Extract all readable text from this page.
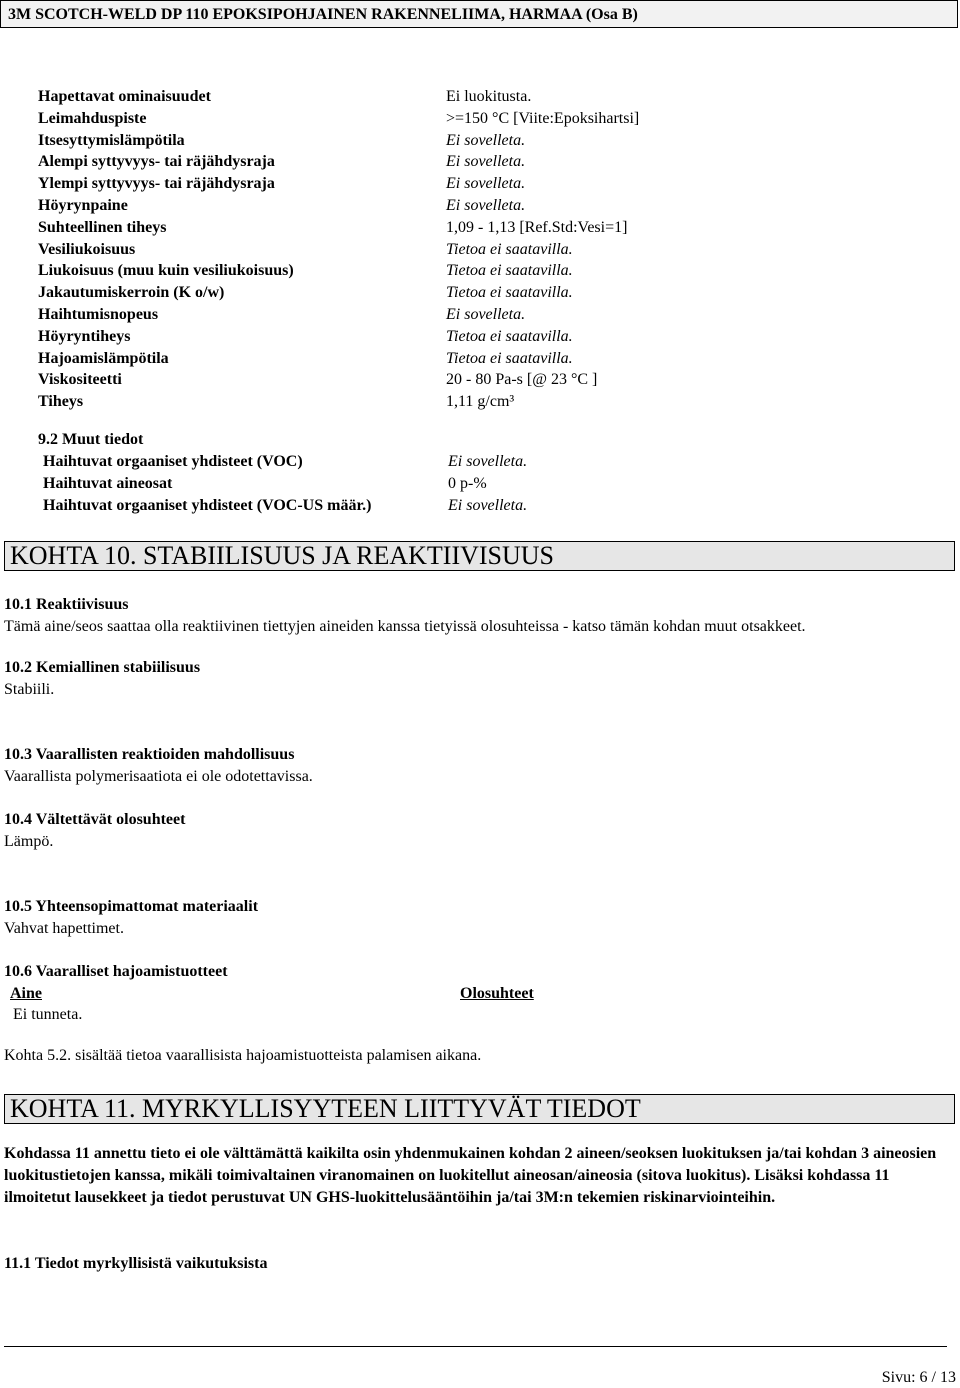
3M SCOTCH-WELD DP 110 EPOKSIPOHJAINEN RAKENNELIIMA, HARMAA (Osa B)
Hapettavat ominaisuudet	Ei luokitusta.
Leimahduspiste	>=150 °C [Viite:Epoksihartsi]
Itsesyttymislämpötila	Ei sovelleta.
Alempi syttyvyys- tai räjähdysraja	Ei sovelleta.
Ylempi syttyvyys- tai räjähdysraja	Ei sovelleta.
Höyrynpaine	Ei sovelleta.
Suhteellinen tiheys	1,09 - 1,13 [Ref.Std:Vesi=1]
Vesiliukoisuus	Tietoa ei saatavilla.
Liukoisuus (muu kuin vesiliukoisuus)	Tietoa ei saatavilla.
Jakautumiskerroin (K o/w)	Tietoa ei saatavilla.
Haihtumisnopeus	Ei sovelleta.
Höyryntiheys	Tietoa ei saatavilla.
Hajoamislämpötila	Tietoa ei saatavilla.
Viskositeetti	20 - 80 Pa-s [@ 23 °C ]
Tiheys	1,11 g/cm³
9.2 Muut tiedot
Haihtuvat orgaaniset yhdisteet (VOC)	Ei sovelleta.
Haihtuvat aineosat	0 p-%
Haihtuvat orgaaniset yhdisteet (VOC-US määr.)	Ei sovelleta.
KOHTA 10. STABIILISUUS JA REAKTIIVISUUS
10.1 Reaktiivisuus
Tämä aine/seos saattaa olla reaktiivinen tiettyjen aineiden kanssa tietyissä olosuhteissa - katso tämän kohdan muut otsakkeet.
10.2 Kemiallinen stabiilisuus
Stabiili.
10.3 Vaarallisten reaktioiden mahdollisuus
Vaarallista polymerisaatiota ei ole odotettavissa.
10.4 Vältettävät olosuhteet
Lämpö.
10.5 Yhteensopimattomat materiaalit
Vahvat hapettimet.
10.6 Vaaralliset hajoamistuotteet
Aine	Olosuhteet
Ei tunneta.
Kohta 5.2. sisältää tietoa vaarallisista hajoamistuotteista palamisen aikana.
KOHTA 11. MYRKYLLISYYTEEN LIITTYVÄT TIEDOT
Kohdassa 11 annettu tieto ei ole välttämättä kaikilta osin yhdenmukainen kohdan 2 aineen/seoksen luokituksen ja/tai kohdan 3 aineosien luokitustietojen kanssa, mikäli toimivaltainen viranomainen on luokitellut aineosan/aineosia (sitova luokitus). Lisäksi kohdassa 11 ilmoitetut lausekkeet ja tiedot perustuvat UN GHS-luokittelusääntöihin ja/tai 3M:n tekemien riskinarviointeihin.
11.1 Tiedot myrkyllisistä vaikutuksista
Sivu: 6 / 13
